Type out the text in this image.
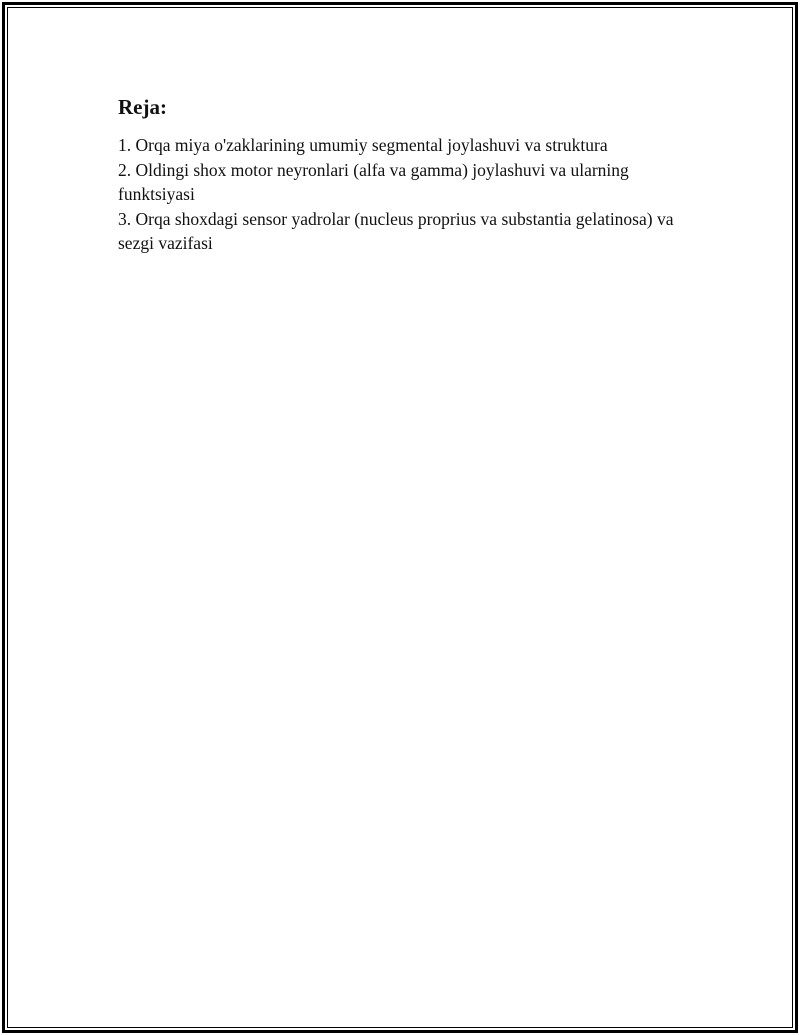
Reja:
1. Orqa miya o'zaklarining umumiy segmental joylashuvi va struktura
2. Oldingi shox motor neyronlari (alfa va gamma) joylashuvi va ularning funktsiyasi
3. Orqa shoxdagi sensor yadrolar (nucleus proprius va substantia gelatinosa) va sezgi vazifasi
